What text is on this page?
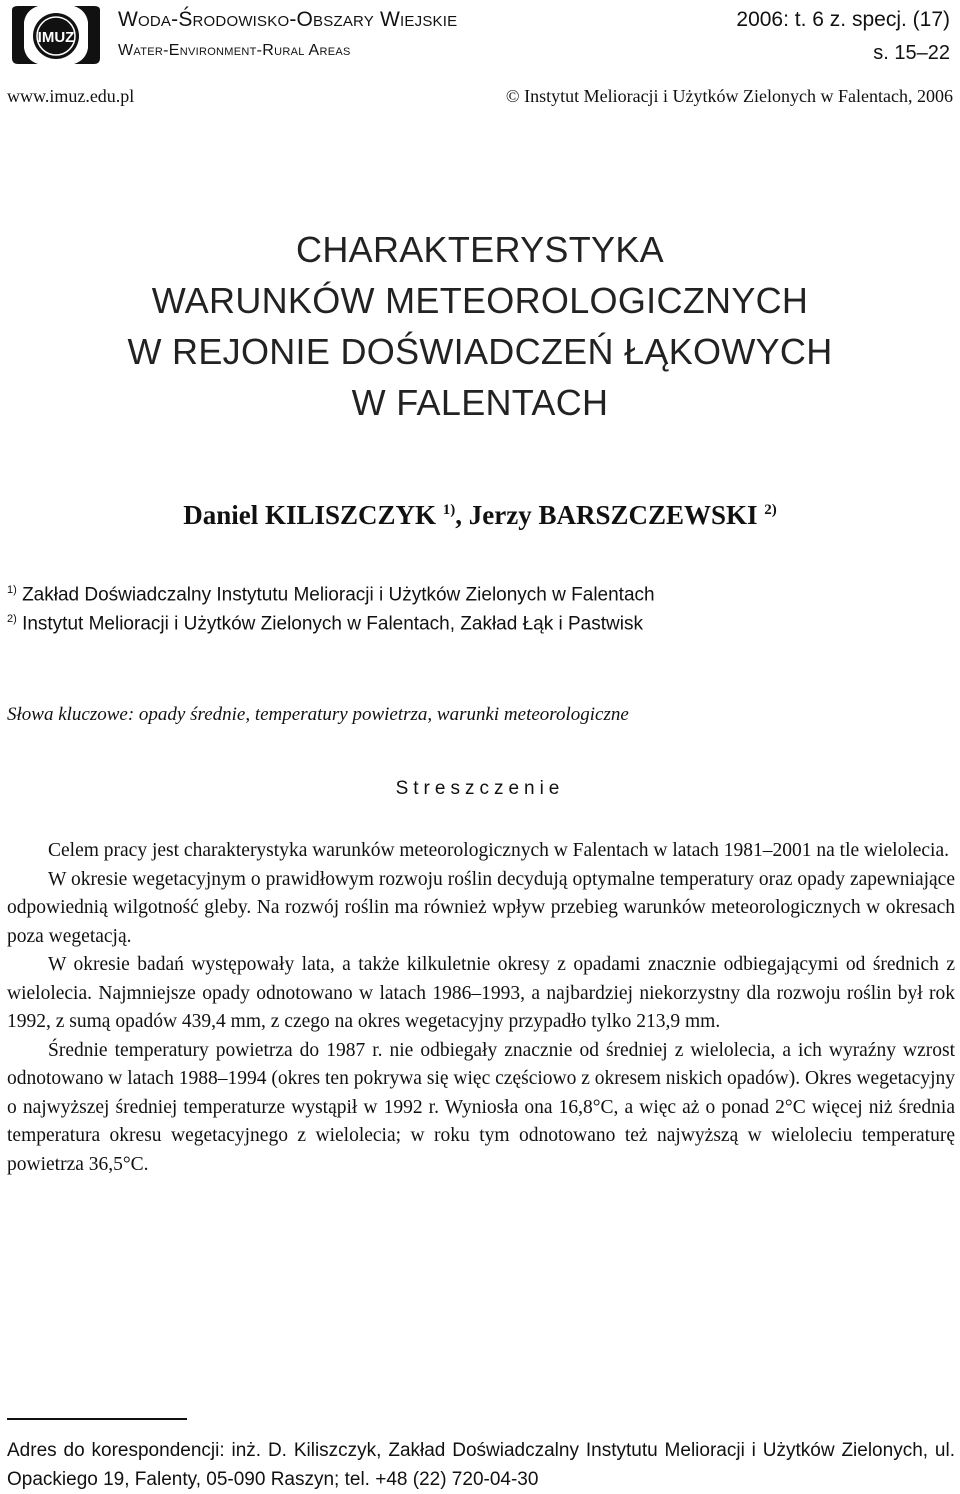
IMUZ
Woda-Środowisko-Obszary Wiejskie
Water-Environment-Rural Areas
2006: t. 6 z. specj. (17)
s. 15–22
www.imuz.edu.pl	© Instytut Melioracji i Użytków Zielonych w Falentach, 2006
CHARAKTERYSTYKA
WARUNKÓW METEOROLOGICZNYCH
W REJONIE DOŚWIADCZEŃ ŁĄKOWYCH
W FALENTACH
Daniel KILISZCZYK $^{1)}$, Jerzy BARSZCZEWSKI $^{2)}$
$^{1)}$ Zakład Doświadczalny Instytutu Melioracji i Użytków Zielonych w Falentach
$^{2)}$ Instytut Melioracji i Użytków Zielonych w Falentach, Zakład Łąk i Pastwisk
Słowa kluczowe: opady średnie, temperatury powietrza, warunki meteorologiczne
Streszczenie

Celem pracy jest charakterystyka warunków meteorologicznych w Falentach w latach 1981–2001 na tle wielolecia.

W okresie wegetacyjnym o prawidłowym rozwoju roślin decydują optymalne temperatury oraz opady zapewniające odpowiednią wilgotność gleby. Na rozwój roślin ma również wpływ przebieg warunków meteorologicznych w okresach poza wegetacją.

W okresie badań występowały lata, a także kilkuletnie okresy z opadami znacznie odbiegającymi od średnich z wielolecia. Najmniejsze opady odnotowano w latach 1986–1993, a najbardziej niekorzystny dla rozwoju roślin był rok 1992, z sumą opadów 439,4 mm, z czego na okres wegetacyjny przypadło tylko 213,9 mm.

Średnie temperatury powietrza do 1987 r. nie odbiegały znacznie od średniej z wielolecia, a ich wyraźny wzrost odnotowano w latach 1988–1994 (okres ten pokrywa się więc częściowo z okresem niskich opadów). Okres wegetacyjny o najwyższej średniej temperaturze wystąpił w 1992 r. Wyniosła ona 16,8°C, a więc aż o ponad 2°C więcej niż średnia temperatura okresu wegetacyjnego z wielolecia; w roku tym odnotowano też najwyższą w wieloleciu temperaturę powietrza 36,5°C.

Adres do korespondencji: inż. D. Kiliszczyk, Zakład Doświadczalny Instytutu Melioracji i Użytków Zielonych, ul. Opackiego 19, Falenty, 05-090 Raszyn; tel. +48 (22) 720-04-30
